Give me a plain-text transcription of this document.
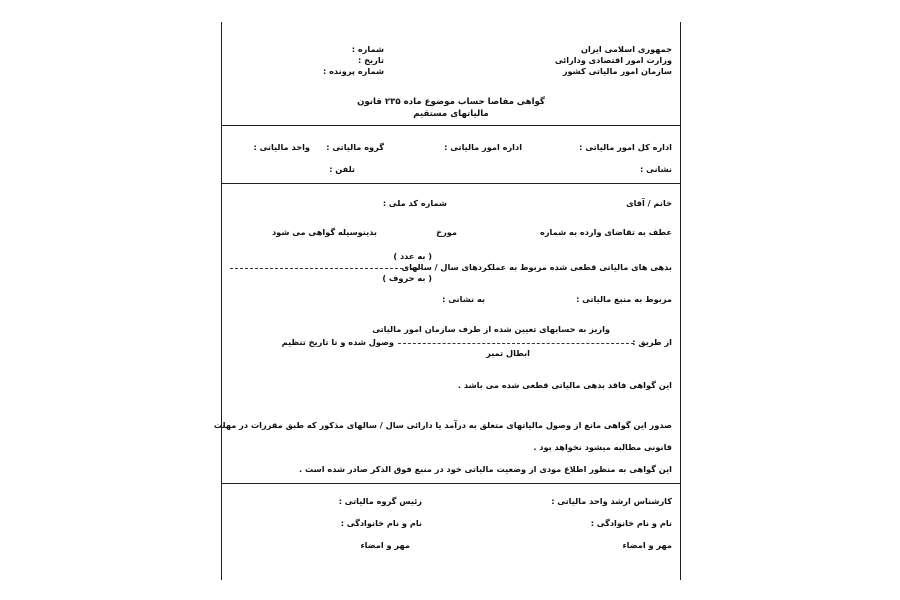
جمهوری اسلامی ایران
وزارت امور اقتصادی ودارائی
سازمان امور مالیاتی کشور
شماره :
تاریخ :
شماره پرونده :
گواهی مفاصا حساب موضوع ماده ۲۳۵ قانون
مالیاتهای مستقیم
اداره کل امور مالیاتی :
اداره امور مالیاتی :
گروه مالیاتی :
واحد مالیاتی :
نشانی :
تلفن :
خانم / آقای
شماره کد ملی :
عطف به تقاضای وارده به شماره
مورخ
بدینوسیله گواهی می شود
( به عدد )
بدهی های مالیاتی قطعی شده مربوط به عملکردهای سال / سالهای
( به حروف )
مربوط به منبع مالیاتی :
به نشانی :
واریز به حسابهای تعیین شده از طرف سازمان امور مالیاتی
از طریق :
وصول شده و تا تاریخ تنظیم
ابطال تمبر
این گواهی فاقد بدهی مالیاتی قطعی شده می باشد .
صدور این گواهی مانع از وصول مالیاتهای متعلق به درآمد یا دارائی سال / سالهای مذکور که طبق مقررات در مهلت
قانونی مطالبه میشود نخواهد بود .
این گواهی به منظور اطلاع مودی از وضعیت مالیاتی خود در منبع فوق الذکر صادر شده است .
کارشناس ارشد واحد مالیاتی :
رئیس گروه مالیاتی :
نام و نام خانوادگی :
نام و نام خانوادگی :
مهر و امضاء
مهر و امضاء
